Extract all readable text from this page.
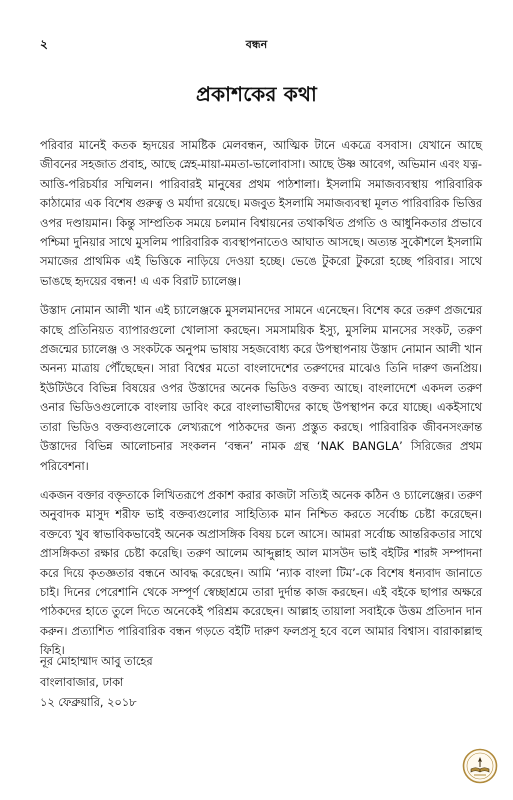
২	বন্ধন
প্রকাশকের কথা

পরিবার মানেই কতক হৃদয়ের সামষ্টিক মেলবন্ধন, আত্মিক টানে একত্রে বসবাস। যেখানে আছে জীবনের সহজাত প্রবাহ, আছে স্নেহ-মায়া-মমতা-ভালোবাসা। আছে উষ্ণ আবেগ, অভিমান এবং যত্ন-আত্তি-পরিচর্যার সম্মিলন। পারিবারই মানুষের প্রথম পাঠশালা। ইসলামি সমাজব্যবস্থায় পারিবারিক কাঠামোর এক বিশেষ গুরুত্ব ও মর্যাদা রয়েছে। মজবুত ইসলামি সমাজব্যবস্থা মূলত পারিবারিক ভিত্তির ওপর দণ্ডায়মান। কিন্তু সাম্প্রতিক সময়ে চলমান বিশ্বায়নের তথাকথিত প্রগতি ও আধুনিকতার প্রভাবে পশ্চিমা দুনিয়ার সাথে মুসলিম পারিবারিক ব্যবস্থাপনাতেও আঘাত আসছে। অত্যন্ত সুকৌশলে ইসলামি সমাজের প্রাথমিক এই ভিত্তিকে নাড়িয়ে দেওয়া হচ্ছে। ভেঙে টুকরো টুকরো হচ্ছে পরিবার। সাথে ভাঙছে হৃদয়ের বন্ধন! এ এক বিরাট চ্যালেঞ্জ।

উস্তাদ নোমান আলী খান এই চ্যালেঞ্জকে মুসলমানদের সামনে এনেছেন। বিশেষ করে তরুণ প্রজন্মের কাছে প্রতিনিয়ত ব্যাপারগুলো খোলাসা করছেন। সমসাময়িক ইস্যু, মুসলিম মানসের সংকট, তরুণ প্রজন্মের চ্যালেঞ্জ ও সংকটকে অনুপম ভাষায় সহজবোধ্য করে উপস্থাপনায় উস্তাদ নোমান আলী খান অনন্য মাত্রায় পৌঁছেছেন। সারা বিশ্বের মতো বাংলাদেশের তরুণদের মাঝেও তিনি দারুণ জনপ্রিয়। ইউটিউবে বিভিন্ন বিষয়ের ওপর উস্তাদের অনেক ভিডিও বক্তব্য আছে। বাংলাদেশে একদল তরুণ ওনার ভিডিওগুলোকে বাংলায় ডাবিং করে বাংলাভাষীদের কাছে উপস্থাপন করে যাচ্ছে। একইসাথে তারা ভিডিও বক্তব্যগুলোকে লেখ্যরূপে পাঠকদের জন্য প্রস্তুত করছে। পারিবারিক জীবনসংক্রান্ত উস্তাদের বিভিন্ন আলোচনার সংকলন ‘বন্ধন’ নামক গ্রন্থ ‘NAK BANGLA’ সিরিজের প্রথম পরিবেশনা।

একজন বক্তার বক্তৃতাকে লিখিতরূপে প্রকাশ করার কাজটা সত্যিই অনেক কঠিন ও চ্যালেঞ্জের। তরুণ অনুবাদক মাসুদ শরীফ ভাই বক্তব্যগুলোর সাহিত্যিক মান নিশ্চিত করতে সর্বোচ্চ চেষ্টা করেছেন। বক্তব্যে খুব স্বাভাবিকভাবেই অনেক অপ্রাসঙ্গিক বিষয় চলে আসে। আমরা সর্বোচ্চ আন্তরিকতার সাথে প্রাসঙ্গিকতা রক্ষার চেষ্টা করেছি। তরুণ আলেম আব্দুল্লাহ আল মাসউদ ভাই বইটির শারঈ সম্পাদনা করে দিয়ে কৃতজ্ঞতার বন্ধনে আবদ্ধ করেছেন। আমি ‘ন্যাক বাংলা টিম’-কে বিশেষ ধন্যবাদ জানাতে চাই। দিনের পেরেশানি থেকে সম্পূর্ণ স্বেচ্ছাশ্রমে তারা দুর্দান্ত কাজ করছেন। এই বইকে ছাপার অক্ষরে পাঠকদের হাতে তুলে দিতে অনেকেই পরিশ্রম করেছেন। আল্লাহ তায়ালা সবাইকে উত্তম প্রতিদান দান করুন। প্রত্যাশিত পারিবারিক বন্ধন গড়তে বইটি দারুণ ফলপ্রসূ হবে বলে আমার বিশ্বাস। বারাকাল্লাহু ফিহি।

নূর মোহাম্মাদ আবু তাহের
বাংলাবাজার, ঢাকা
১২ ফেব্রুয়ারি, ২০১৮
